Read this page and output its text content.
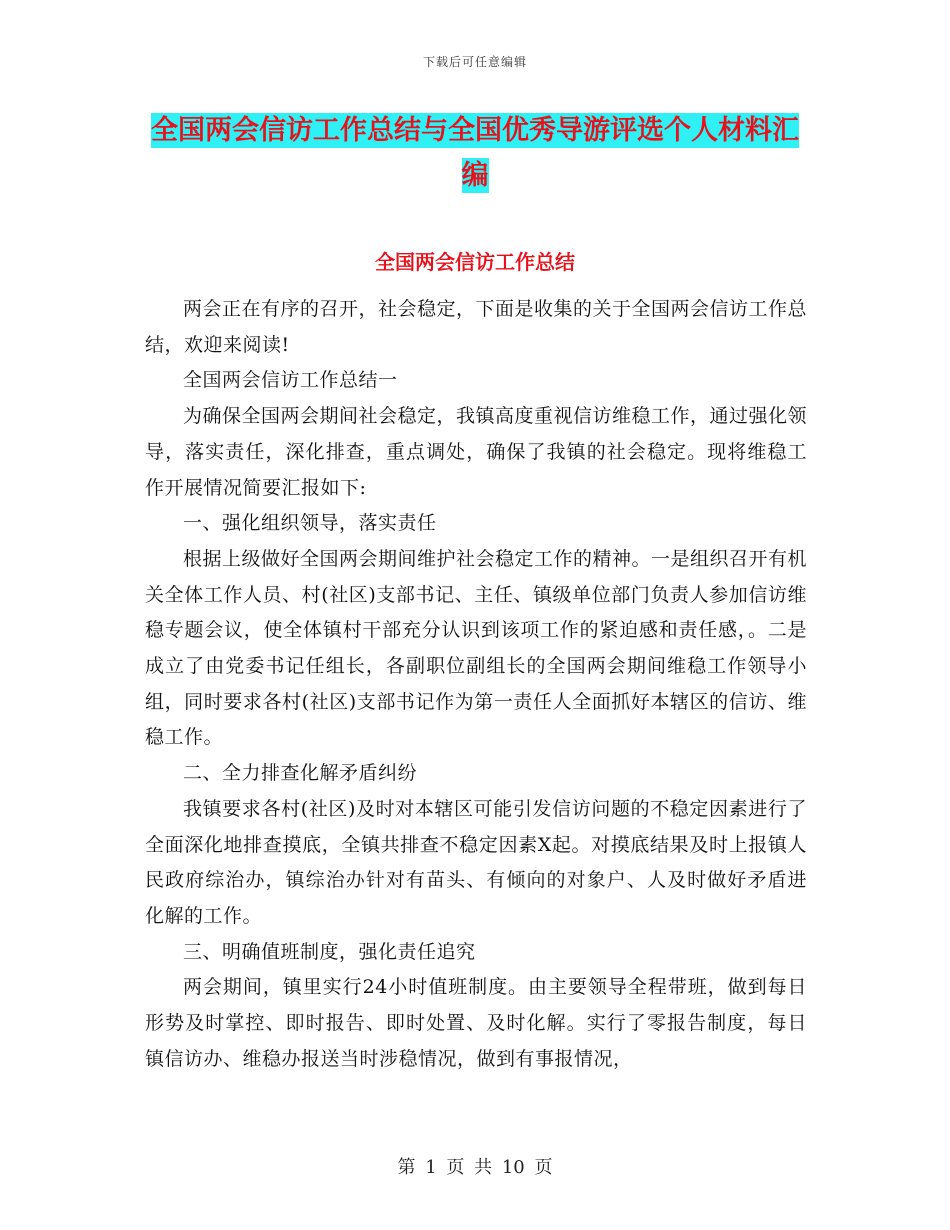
下载后可任意编辑
全国两会信访工作总结与全国优秀导游评选个人材料汇编
全国两会信访工作总结

两会正在有序的召开，社会稳定，下面是收集的关于全国两会信访工作总结，欢迎来阅读!

全国两会信访工作总结一

为确保全国两会期间社会稳定，我镇高度重视信访维稳工作，通过强化领导，落实责任，深化排查，重点调处，确保了我镇的社会稳定。现将维稳工作开展情况简要汇报如下:

一、强化组织领导，落实责任

根据上级做好全国两会期间维护社会稳定工作的精神。一是组织召开有机关全体工作人员、村(社区)支部书记、主任、镇级单位部门负责人参加信访维稳专题会议，使全体镇村干部充分认识到该项工作的紧迫感和责任感，。二是成立了由党委书记任组长，各副职位副组长的全国两会期间维稳工作领导小组，同时要求各村(社区)支部书记作为第一责任人全面抓好本辖区的信访、维稳工作。

二、全力排查化解矛盾纠纷

我镇要求各村(社区)及时对本辖区可能引发信访问题的不稳定因素进行了全面深化地排查摸底，全镇共排查不稳定因素X起。对摸底结果及时上报镇人民政府综治办，镇综治办针对有苗头、有倾向的对象户、人及时做好矛盾进化解的工作。

三、明确值班制度，强化责任追究

两会期间，镇里实行24小时值班制度。由主要领导全程带班，做到每日形势及时掌控、即时报告、即时处置、及时化解。实行了零报告制度，每日镇信访办、维稳办报送当时涉稳情况，做到有事报情况，

第 1 页 共 10 页
